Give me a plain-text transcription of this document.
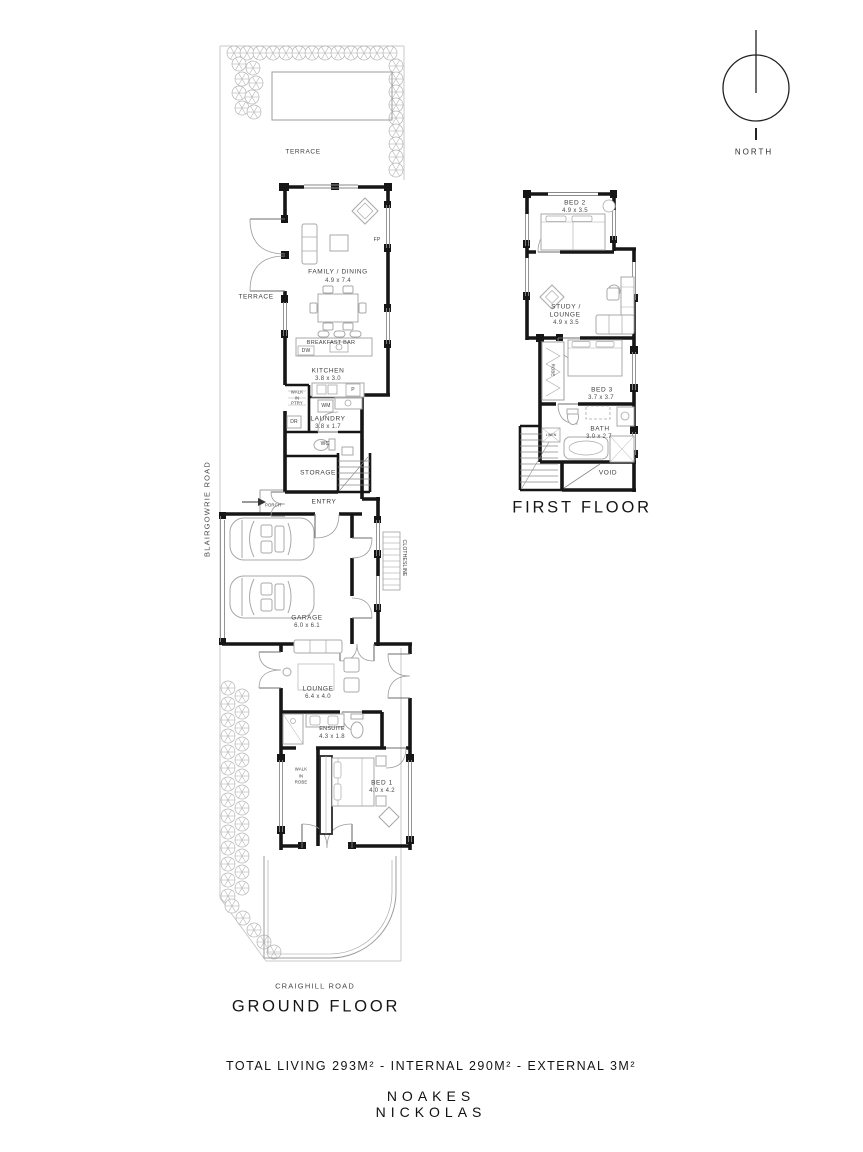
TERRACE
TERRACE
FAMILY / DINING
4.9 x 7.4
FP
BREAKFAST BAR
DW
KITCHEN
3.8 x 3.0
WALK
IN
PTRY
P
WM
DR LAUNDRY
3.8 x 1.7
WC
STORAGE
ENTRY
PORCH
GARAGE
6.0 x 6.1
CLOTHESLINE
LOUNGE
6.4 x 4.0
ENSUITE
4.3 x 1.8
WALK
IN
ROBE	BED 1
4.0 x 4.2
BLAIRGOWRIE ROAD
CRAIGHILL ROAD
GROUND FLOOR
BED 2
4.9 x 3.5
STUDY /
LOUNGE
4.9 x 3.5
BED 3
3.7 x 3.7
ROBE
LINEN
BATH
3.0 x 2.7
VOID
FIRST FLOOR
NORTH
TOTAL LIVING 293M² - INTERNAL 290M² - EXTERNAL 3M²
NOAKES
NICKOLAS
